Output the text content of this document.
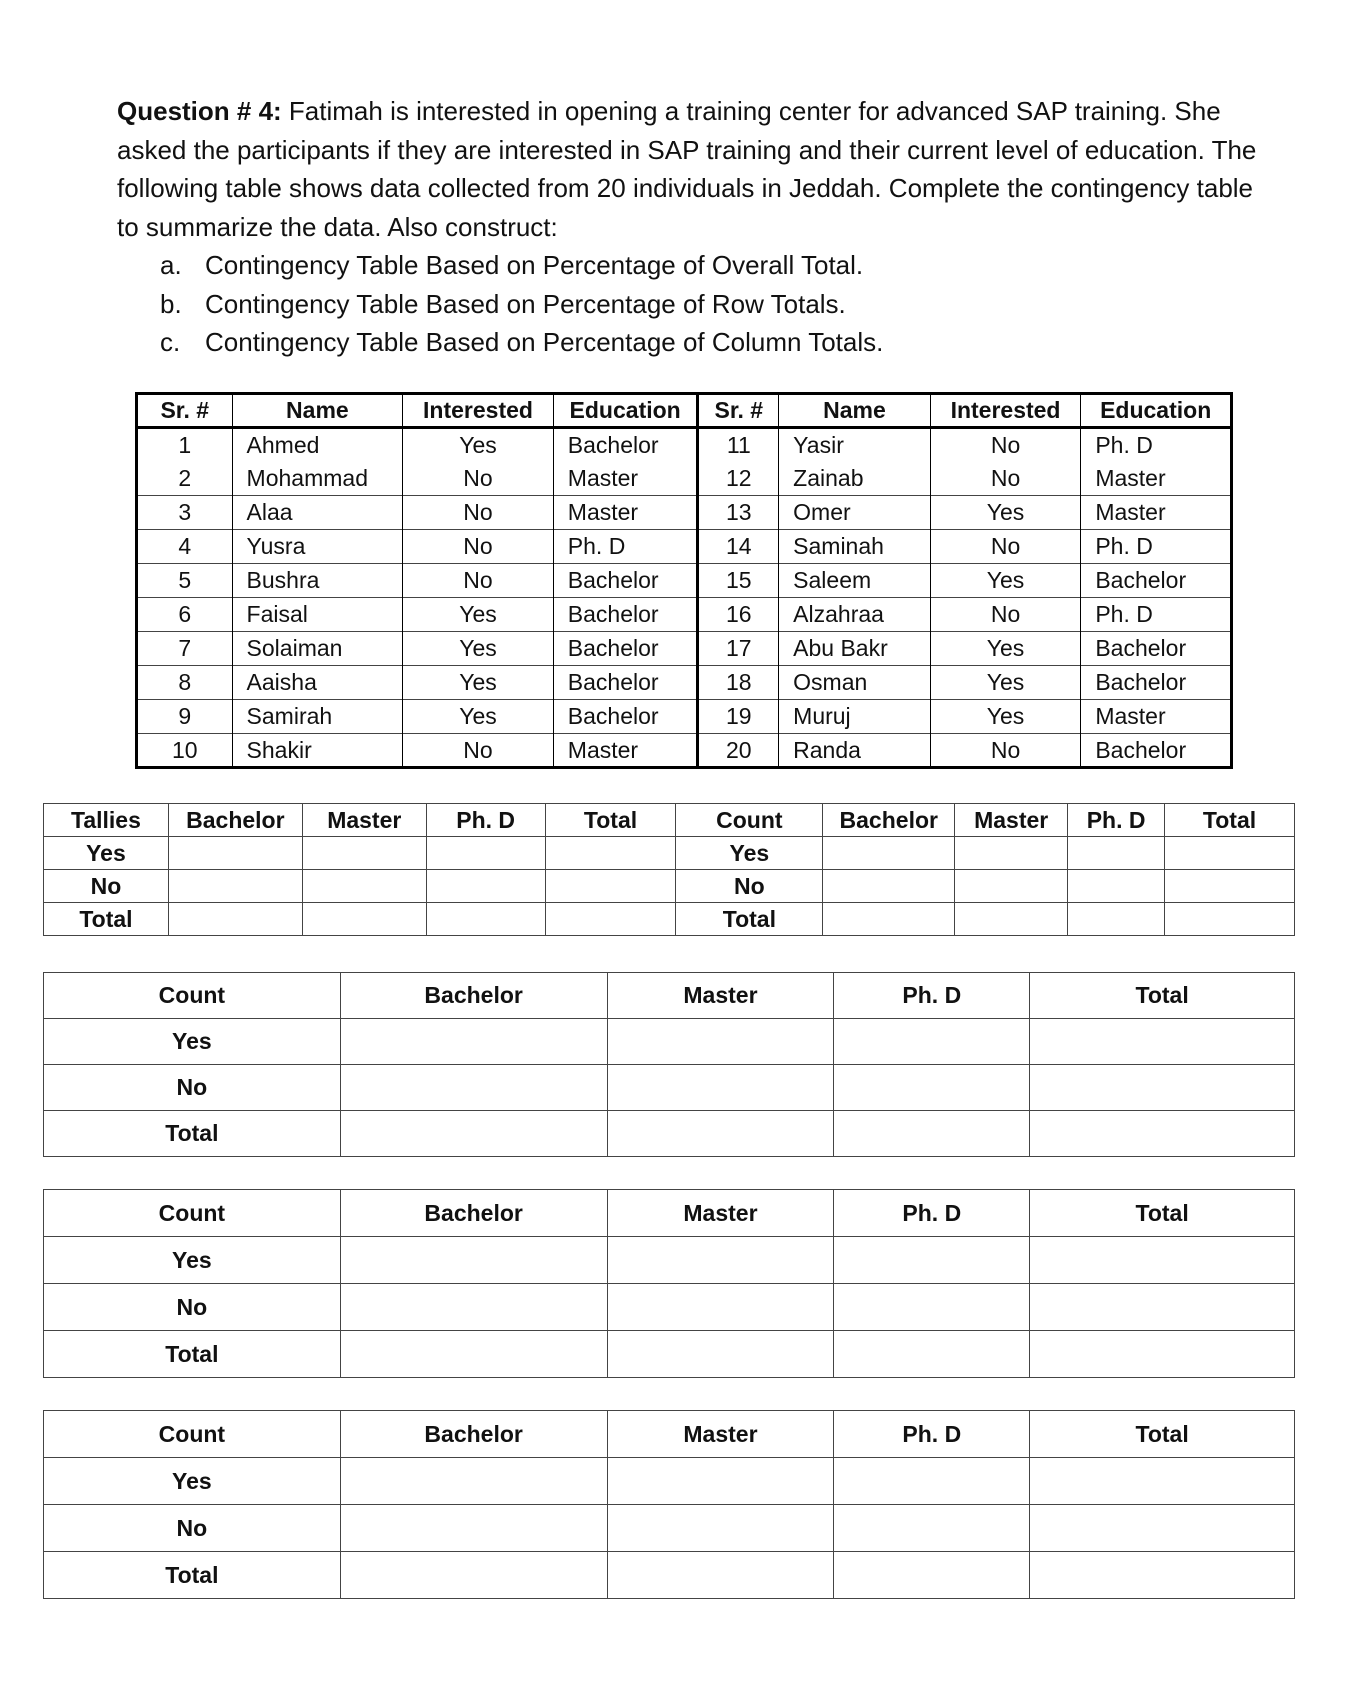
Question # 4: Fatimah is interested in opening a training center for advanced SAP training. She asked the participants if they are interested in SAP training and their current level of education. The following table shows data collected from 20 individuals in Jeddah. Complete the contingency table to summarize the data. Also construct:

a. Contingency Table Based on Percentage of Overall Total.
b. Contingency Table Based on Percentage of Row Totals.
c. Contingency Table Based on Percentage of Column Totals.
Sr. #	Name	Interested	Education	Sr. #	Name	Interested	Education
1	Ahmed	Yes	Bachelor	11	Yasir	No	Ph. D
2	Mohammad	No	Master	12	Zainab	No	Master
3	Alaa	No	Master	13	Omer	Yes	Master
4	Yusra	No	Ph. D	14	Saminah	No	Ph. D
5	Bushra	No	Bachelor	15	Saleem	Yes	Bachelor
6	Faisal	Yes	Bachelor	16	Alzahraa	No	Ph. D
7	Solaiman	Yes	Bachelor	17	Abu Bakr	Yes	Bachelor
8	Aaisha	Yes	Bachelor	18	Osman	Yes	Bachelor
9	Samirah	Yes	Bachelor	19	Muruj	Yes	Master
10	Shakir	No	Master	20	Randa	No	Bachelor
Tallies	Bachelor	Master	Ph. D	Total	Count	Bachelor	Master	Ph. D	Total
Yes					Yes				
No					No				
Total					Total				
Count	Bachelor	Master	Ph. D	Total
Yes				
No				
Total				
Count	Bachelor	Master	Ph. D	Total
Yes				
No				
Total				
Count	Bachelor	Master	Ph. D	Total
Yes				
No				
Total				
